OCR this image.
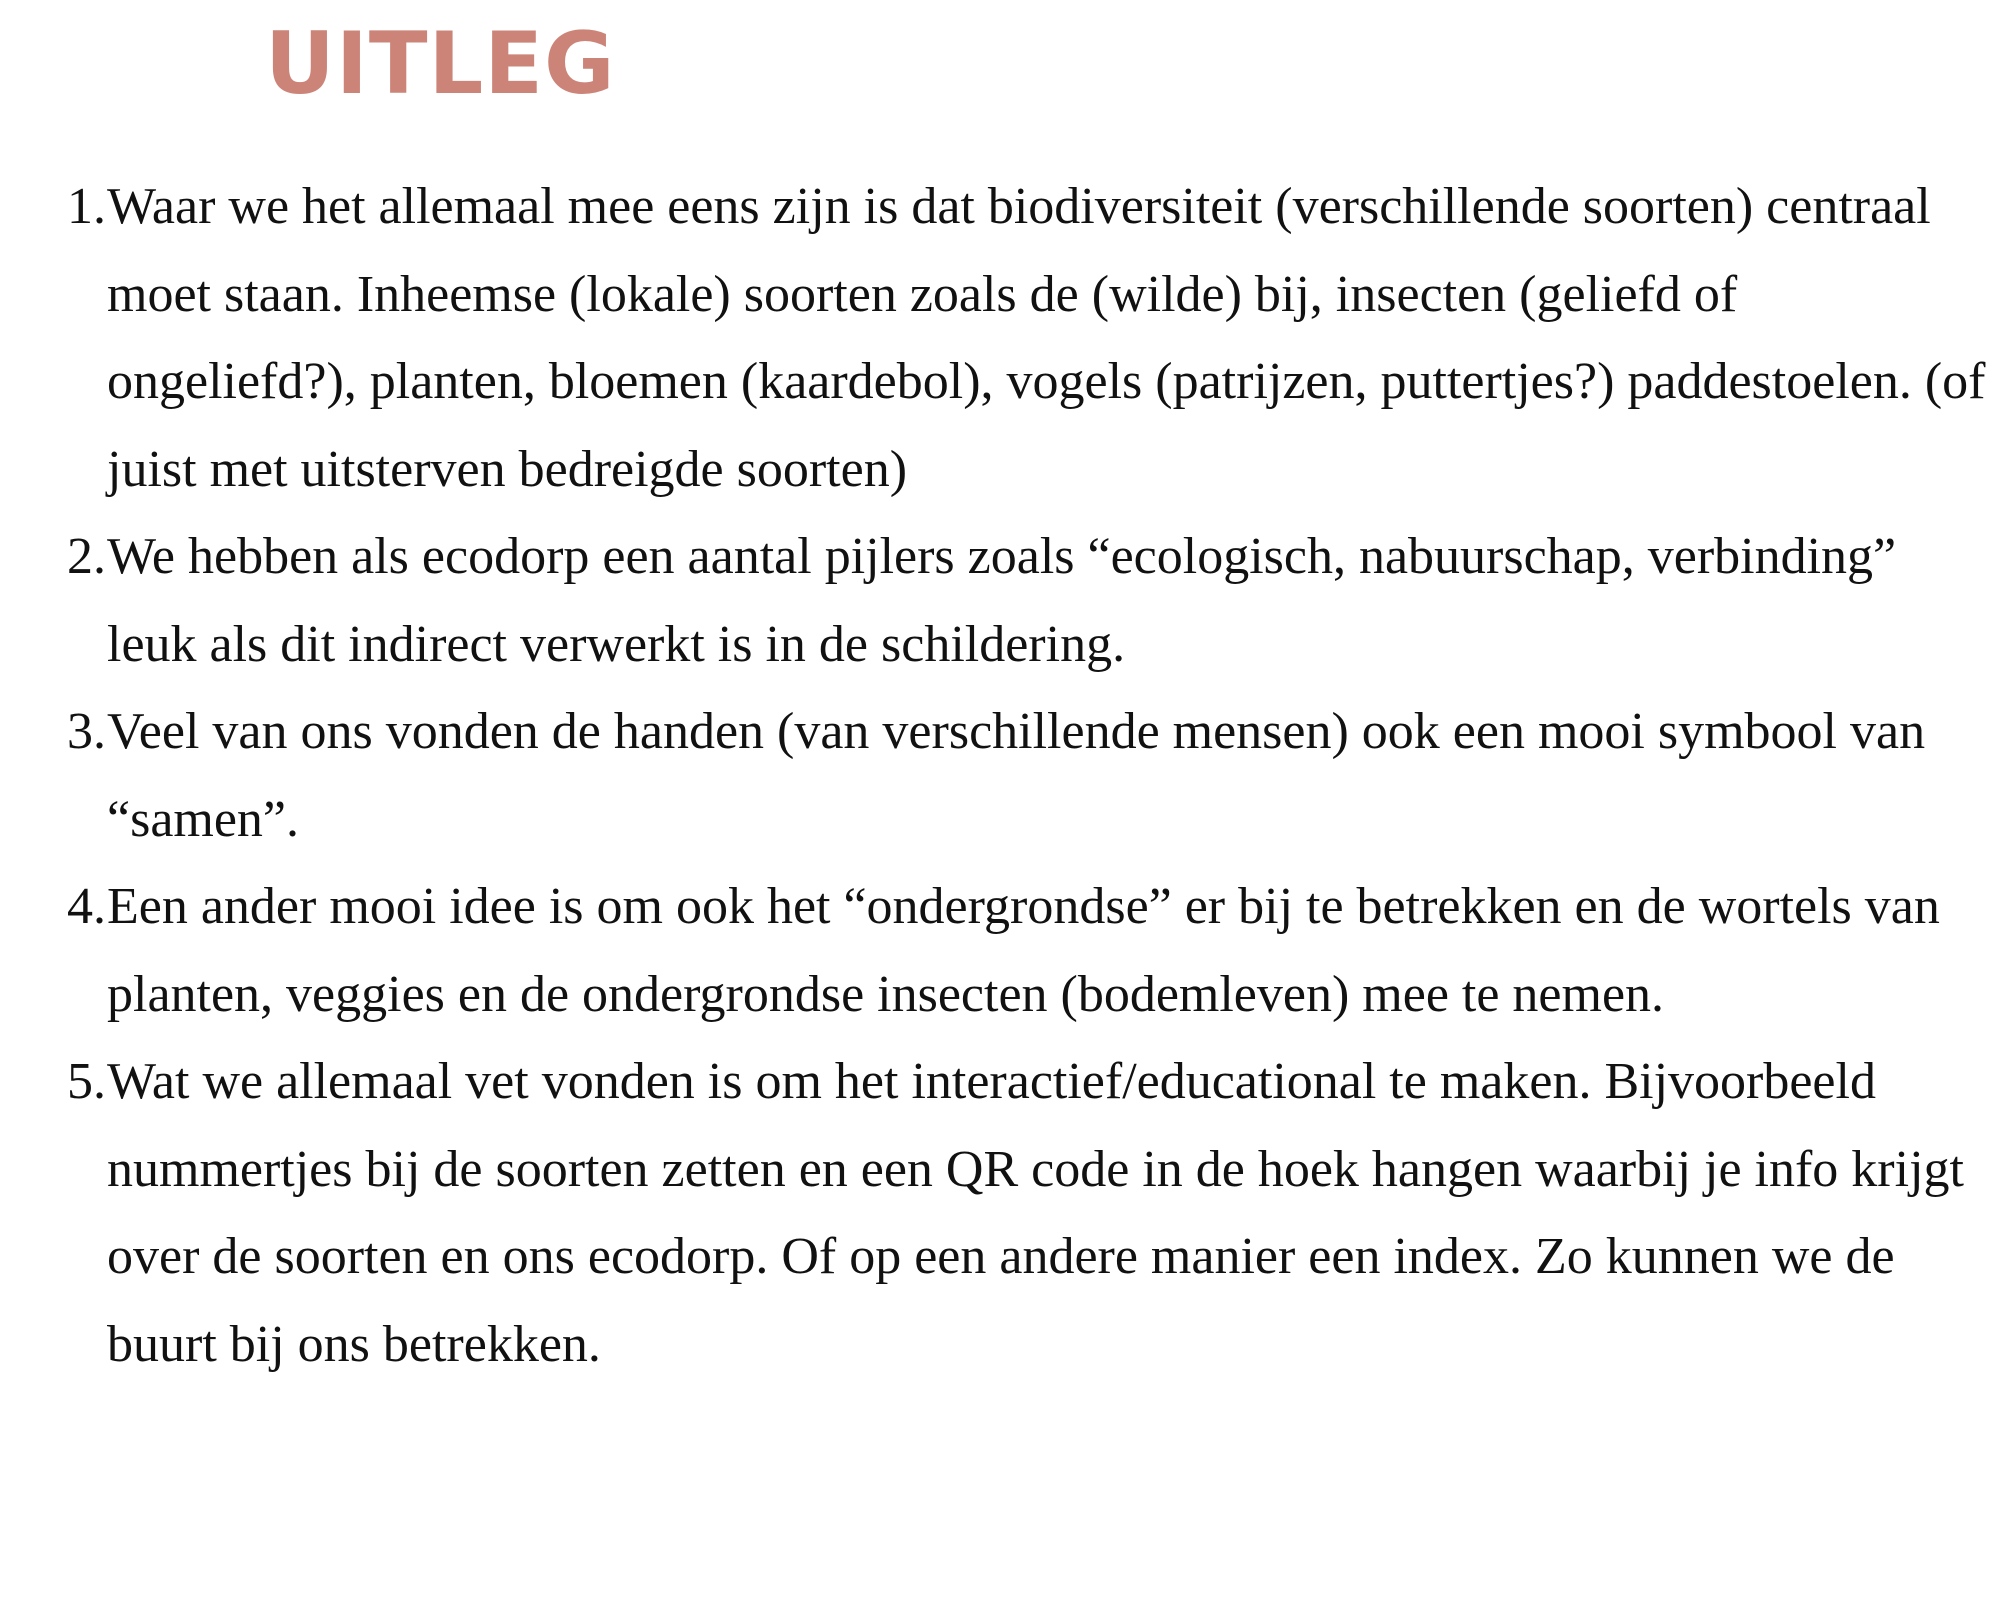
UITLEG
1. Waar we het allemaal mee eens zijn is dat biodiversiteit (verschillende soorten) centraal moet staan. Inheemse (lokale) soorten zoals de (wilde) bij, insecten (geliefd of ongeliefd?), planten, bloemen (kaardebol), vogels (patrijzen, puttertjes?) paddestoelen. (of juist met uitsterven bedreigde soorten)
2. We hebben als ecodorp een aantal pijlers zoals “ecologisch, nabuurschap, verbinding” leuk als dit indirect verwerkt is in de schildering.
3. Veel van ons vonden de handen (van verschillende mensen) ook een mooi symbool van “samen”.
4. Een ander mooi idee is om ook het “ondergrondse” er bij te betrekken en de wortels van planten, veggies en de ondergrondse insecten (bodemleven) mee te nemen.
5. Wat we allemaal vet vonden is om het interactief/educational te maken. Bijvoorbeeld nummertjes bij de soorten zetten en een QR code in de hoek hangen waarbij je info krijgt over de soorten en ons ecodorp. Of op een andere manier een index. Zo kunnen we de buurt bij ons betrekken.
